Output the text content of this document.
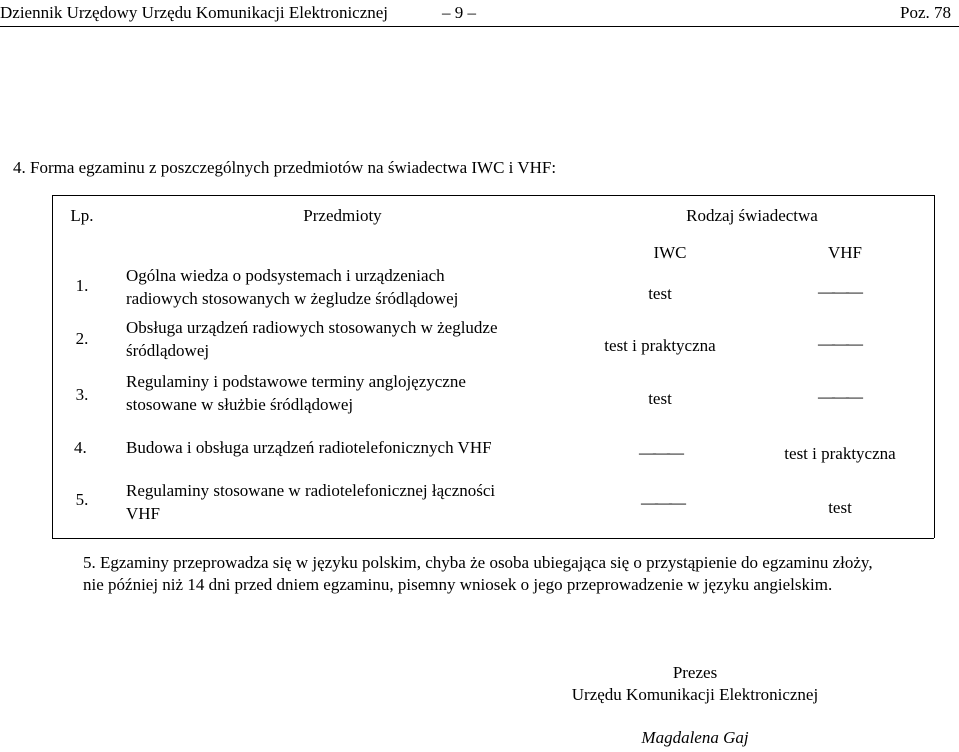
Dziennik Urzędowy Urzędu Komunikacji Elektronicznej	– 9 –	Poz. 78
4. Forma egzaminu z poszczególnych przedmiotów na świadectwa IWC i VHF:
Lp.	Przedmioty	Rodzaj świadectwa
IWC	VHF
1.
Ogólna wiedza o podsystemach i urządzeniach
radiowych stosowanych w żegludze śródlądowej	test	———
2.
Obsługa urządzeń radiowych stosowanych w żegludze
śródlądowej	test i praktyczna	———
3.
Regulaminy i podstawowe terminy anglojęzyczne
stosowane w służbie śródlądowej	test	———
4. Budowa i obsługa urządzeń radiotelefonicznych VHF	———	test i praktyczna
5.	Regulaminy stosowane w radiotelefonicznej łączności
VHF
———	test
5. Egzaminy przeprowadza się w języku polskim, chyba że osoba ubiegająca się o przystąpienie do egzaminu złoży,
nie później niż 14 dni przed dniem egzaminu, pisemny wniosek o jego przeprowadzenie w języku angielskim.
Prezes
Urzędu Komunikacji Elektronicznej
Magdalena Gaj
